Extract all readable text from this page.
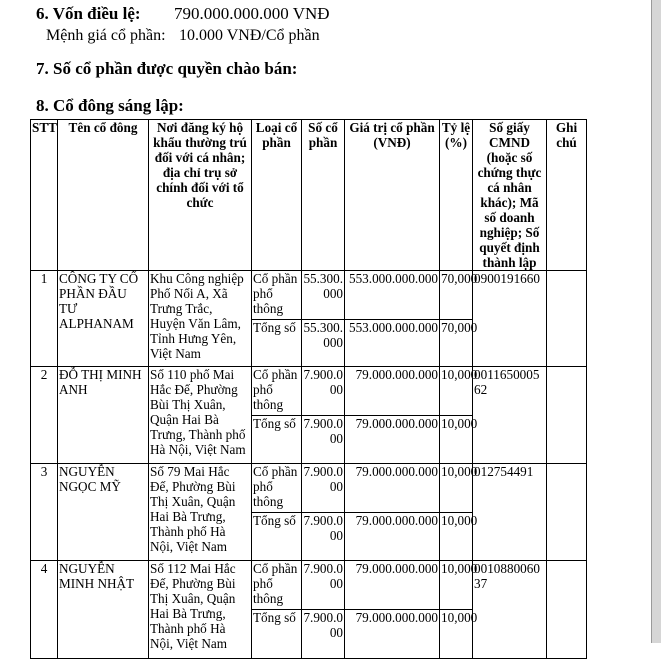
6. Vốn điều lệ: 790.000.000.000 VNĐ
Mệnh giá cổ phần: 10.000 VNĐ/Cổ phần
7. Số cổ phần được quyền chào bán:
8. Cổ đông sáng lập:
STT	Tên cổ đông	Nơi đăng ký hộ khẩu thường trú đối với cá nhân; địa chỉ trụ sở chính đối với tổ chức	Loại cổ phần	Số cổ phần	Giá trị cổ phần (VNĐ)	Tỷ lệ (%)	Số giấy CMND (hoặc số chứng thực cá nhân khác); Mã số doanh nghiệp; Số quyết định thành lập	Ghi chú
1	CÔNG TY CỔ PHẦN ĐẦU TƯ ALPHANAM	Khu Công nghiệp Phố Nối A, Xã Trưng Trắc, Huyện Văn Lâm, Tỉnh Hưng Yên, Việt Nam	Cổ phần phổ thông	55.300.000	553.000.000.000	70,000	0900191660	
			Tổng số	55.300.000	553.000.000.000	70,000		
2	ĐỖ THỊ MINH ANH	Số 110 phố Mai Hắc Đế, Phường Bùi Thị Xuân, Quận Hai Bà Trưng, Thành phố Hà Nội, Việt Nam	Cổ phần phổ thông	7.900.000	79.000.000.000	10,000	001165000562	
			Tổng số	7.900.000	79.000.000.000	10,000		
3	NGUYỄN NGỌC MỸ	Số 79 Mai Hắc Đế, Phường Bùi Thị Xuân, Quận Hai Bà Trưng, Thành phố Hà Nội, Việt Nam	Cổ phần phổ thông	7.900.000	79.000.000.000	10,000	012754491	
			Tổng số	7.900.000	79.000.000.000	10,000		
4	NGUYỄN MINH NHẬT	Số 112 Mai Hắc Đế, Phường Bùi Thị Xuân, Quận Hai Bà Trưng, Thành phố Hà Nội, Việt Nam	Cổ phần phổ thông	7.900.000	79.000.000.000	10,000	001088006037	
			Tổng số	7.900.000	79.000.000.000	10,000		
